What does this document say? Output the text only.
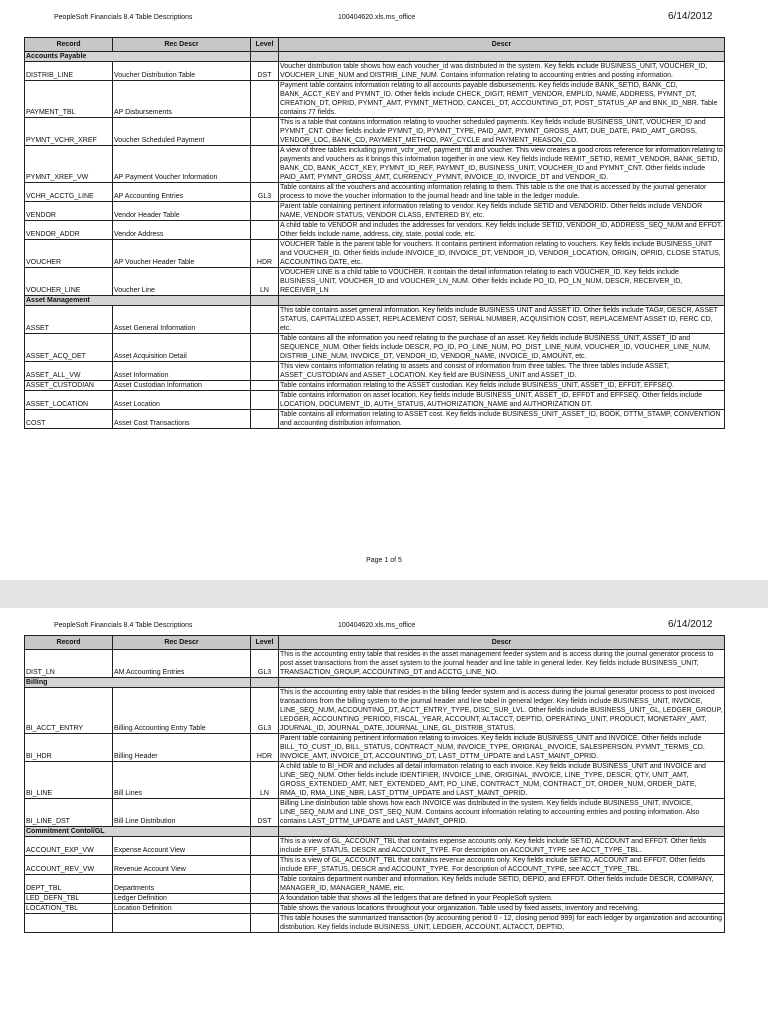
PeopleSoft Financials 8.4 Table Descriptions	100404620.xls.ms_office	6/14/2012
Record	Rec Descr	Level	Descr
Accounts Payable			
DISTRIB_LINE	Voucher Distribution Table	DST	Voucher distribution table shows how each voucher_id was distributed in the system. Key fields include BUSINESS_UNIT, VOUCHER_ID, VOUCHER_LINE_NUM and DISTRIB_LINE_NUM. Contains information relating to accounting entries and posting information.
PAYMENT_TBL	AP Disbursements		Payment table contains information relating to all accounts payable disbursements. Key fields include BANK_SETID, BANK_CD, BANK_ACCT_KEY and PYMNT_ID. Other fields include CHECK_DIGIT, REMIT_VENDOR, EMPLID, NAME, ADDRESS, PYMNT_DT, CREATION_DT, OPRID, PYMNT_AMT, PYMNT_METHOD, CANCEL_DT, ACCOUNTING_DT, POST_STATUS_AP and BNK_ID_NBR. Table contains 77 fields.
PYMNT_VCHR_XREF	Voucher Scheduled Payment		This is a table that contains information relating to voucher scheduled payments. Key fields include BUSINESS_UNIT, VOUCHER_ID and PYMNT_CNT. Other fields include PYMNT_ID, PYMNT_TYPE, PAID_AMT, PYMNT_GROSS_AMT, DUE_DATE, PAID_AMT_GROSS, VENDOR_LOC, BANK_CD, PAYMENT_METHOD, PAY_CYCLE and PAYMENT_REASON_CD.
PYMNT_XREF_VW	AP Payment Voucher Information		A view of three tables including pymnt_vchr_xref, payment_tbl and voucher. This view creates a good cross reference for information relating to payments and vouchers as it brings this information together in one view. Key fields include REMIT_SETID, REMIT_VENDOR, BANK_SETID, BANK_CD, BANK_ACCT_KEY, PYMNT_ID_REF, PAYMNT_ID, BUSINESS_UNIT, VOUCHER_ID and PYMNT_CNT. Other fields include PAID_AMT, PYMNT_GROSS_AMT, CURRENCY_PYMNT, INVOICE_ID, INVOICE_DT and VENDOR_ID.
VCHR_ACCTG_LINE	AP Accounting Entries	GL3	Table contains all the vouchers and accounting information relating to them. This table is the one that is accessed by the journal generator process to move the voucher information to the journal headr and line table in the ledger module.
VENDOR	Vendor Header Table		Parent table containing pertinent information relating to vendor. Key fields include SETID and VENDORID. Other fields include VENDOR NAME, VENDOR STATUS, VENDOR CLASS, ENTERED BY, etc.
VENDOR_ADDR	Vendor Address		A child table to VENDOR and includes the addresses for vendors. Key fields include SETID, VENDOR_ID, ADDRESS_SEQ_NUM and EFFDT. Other fields include name, address, city, state, postal code, etc.
VOUCHER	AP Voucher Header Table	HDR	VOUCHER Table is the parent table for vouchers. It contains pertinent information relating to vouchers. Key fields include BUSINESS_UNIT and VOUCHER_ID. Other fields include INVOICE_ID, INVOICE_DT, VENDOR_ID, VENDOR_LOCATION, ORIGIN, OPRID, CLOSE STATUS, ACCOUNTING DATE, etc.
VOUCHER_LINE	Voucher Line	LN	VOUCHER LINE is a child table to VOUCHER. It contain the detail information relating to each VOUCHER_ID. Key fields include BUSINESS_UNIT, VOUCHER_ID and VOUCHER_LN_NUM. Other fields include PO_ID, PO_LN_NUM, DESCR, RECEIVER_ID, RECEIVER_LN
Asset Management			
ASSET	Asset General Information		This table contains asset general information. Key fields include BUSINESS UNIT and ASSET ID. Other fields include TAG#, DESCR, ASSET STATUS, CAPITALIZED ASSET, REPLACEMENT COST, SERIAL NUMBER, ACQUISITION COST, REPLACEMENT ASSET ID, FERC CD, etc.
ASSET_ACQ_DET	Asset Acquisition Detail		Table contains all the information you need relating to the purchase of an asset. Key fields include BUSINESS_UNIT, ASSET_ID and SEQUENCE_NUM. Other fields include DESCR, PO_ID, PO_LINE_NUM, PO_DIST_LINE_NUM, VOUCHER_ID, VOUCHER_LINE_NUM, DISTRIB_LINE_NUM, INVOICE_DT, VENDOR_ID, VENDOR_NAME, INVOICE_ID, AMOUNT, etc.
ASSET_ALL_VW	Asset Information		This view contains information relating to assets and consist of information from three tables. The three tables include ASSET, ASSET_CUSTODIAN and ASSET_LOCATION. Key field are BUSINESS_UNIT and ASSET_ID.
ASSET_CUSTODIAN	Asset Custodian Information		Table contains information relating to the ASSET custodian. Key fields include BUSINESS_UNIT, ASSET_ID, EFFDT, EFFSEQ.
ASSET_LOCATION	Asset Location		Table contains information on asset location. Key fields include BUSINESS_UNIT, ASSET_ID, EFFDT and EFFSEQ. Other fields include LOCATION, DOCUMENT_ID, AUTH_STATUS, AUTHORIZATION_NAME and AUTHORIZATION DT.
COST	Asset Cost Transactions		Table contains all information relating to ASSET cost. Key fields include BUSINESS_UNIT_ASSET_ID, BOOK, DTTM_STAMP, CONVENTION and accounting distribution information.
Page 1 of 5
PeopleSoft Financials 8.4 Table Descriptions	100404620.xls.ms_office	6/14/2012
Record	Rec Descr	Level	Descr
DIST_LN	AM Accounting Entries	GL3	This is the accounting entry table that resides in the asset management feeder system and is access during the journal generator process to post asset transactions from the asset system to the journal header and line table in general leder. Key fields include BUSINESS_UNIT, TRANSACTION_GROUP, ACCOUNTING_DT and ACCTG_LINE_NO.
Billing			
BI_ACCT_ENTRY	Billing Accounting Entry Table	GL3	This is the accounting entry table that resides in the billing feeder system and is access during the journal generator process to post invoiced transactions from the billing system to the journal header and line tabel in general ledger. Key fields include BUSINESS_UNIT, INVOICE, LINE_SEQ_NUM, ACCOUNTING_DT, ACCT_ENTRY_TYPE, DISC_SUR_LVL. Other fields include BUSINESS_UNIT_GL, LEDGER_GROUP, LEDGER, ACCOUNTING_PERIOD, FISCAL_YEAR, ACCOUNT, ALTACCT, DEPTID, OPERATING_UNIT, PRODUCT, MONETARY_AMT, JOURNAL_ID, JOURNAL_DATE, JOURNAL_LINE, GL_DISTRIB_STATUS.
BI_HDR	Billing Header	HDR	Parent table containing pertinent information relating to invoices. Key fields include BUSINESS_UNIT and INVOICE. Other fields include BILL_TO_CUST_ID, BILL_STATUS, CONTRACT_NUM, INVOICE_TYPE, ORIGNAL_INVOICE, SALESPERSON, PYMNT_TERMS_CD, INVOICE_AMT, INVOICE_DT, ACCOUNTING_DT, LAST_DTTM_UPDATE and LAST_MAINT_OPRID.
BI_LINE	Bill Lines	LN	A child table to BI_HDR and includes all detail information relating to each invoice. Key fields include BUSINESS_UNIT and INVOICE and LINE_SEQ_NUM. Other fields include IDENTIFIER, INVOICE_LINE, ORIGINAL_INVOICE, LINE_TYPE, DESCR, QTY, UNIT_AMT, GROSS_EXTENDED_AMT, NET_EXTENDED_AMT, PO_LINE, CONTRACT_NUM, CONTRACT_DT, ORDER_NUM, ORDER_DATE, RMA_ID, RMA_LINE_NBR, LAST_DTTM_UPDATE and LAST_MAINT_OPRID.
BI_LINE_DST	Bill Line Distribution	DST	Billing Line distribution table shows how each INVOICE was distributed in the system. Key fields include BUSINESS_UNIT, INVOICE, LINE_SEQ_NUM and LINE_DST_SEQ_NUM. Contains account information relating to accounting entries and posting information. Also contains LAST_DTTM_UPDATE and LAST_MAINT_OPRID.
Commitment Contol/GL			
ACCOUNT_EXP_VW	Expense Account View		This is a view of GL_ACCOUNT_TBL that contains expense accounts only. Key fields include SETID, ACCOUNT and EFFDT. Other fields include EFF_STATUS, DESCR and ACCOUNT_TYPE. For description on ACCOUNT_TYPE see ACCT_TYPE_TBL.
ACCOUNT_REV_VW	Revenue Account View		This is a view of GL_ACCOUNT_TBL that contains revenue accounts only. Key fields include SETID, ACCOUNT and EFFDT. Other fields include EFF_STATUS, DESCR and ACCOUNT_TYPE. For description of ACCOUNT_TYPE, see ACCT_TYPE_TBL.
DEPT_TBL	Departments		Table contains department number and information. Key fields include SETID, DEPID, and EFFDT. Other fields include DESCR, COMPANY, MANAGER_ID, MANAGER_NAME, etc.
LED_DEFN_TBL	Ledger Definition		A foundation table that shows all the ledgers that are defined in your PeopleSoft system.
LOCATION_TBL	Location Definition		Table shows the various locations throughout your organization. Table used by fixed assets, inventory and receiving.
			This table houses the summarized transaction (by accounting period 0 - 12, closing period 999) for each ledger by organization and accounting distribution. Key fields include BUSINESS_UNIT, LEDGER, ACCOUNT, ALTACCT, DEPTID,
